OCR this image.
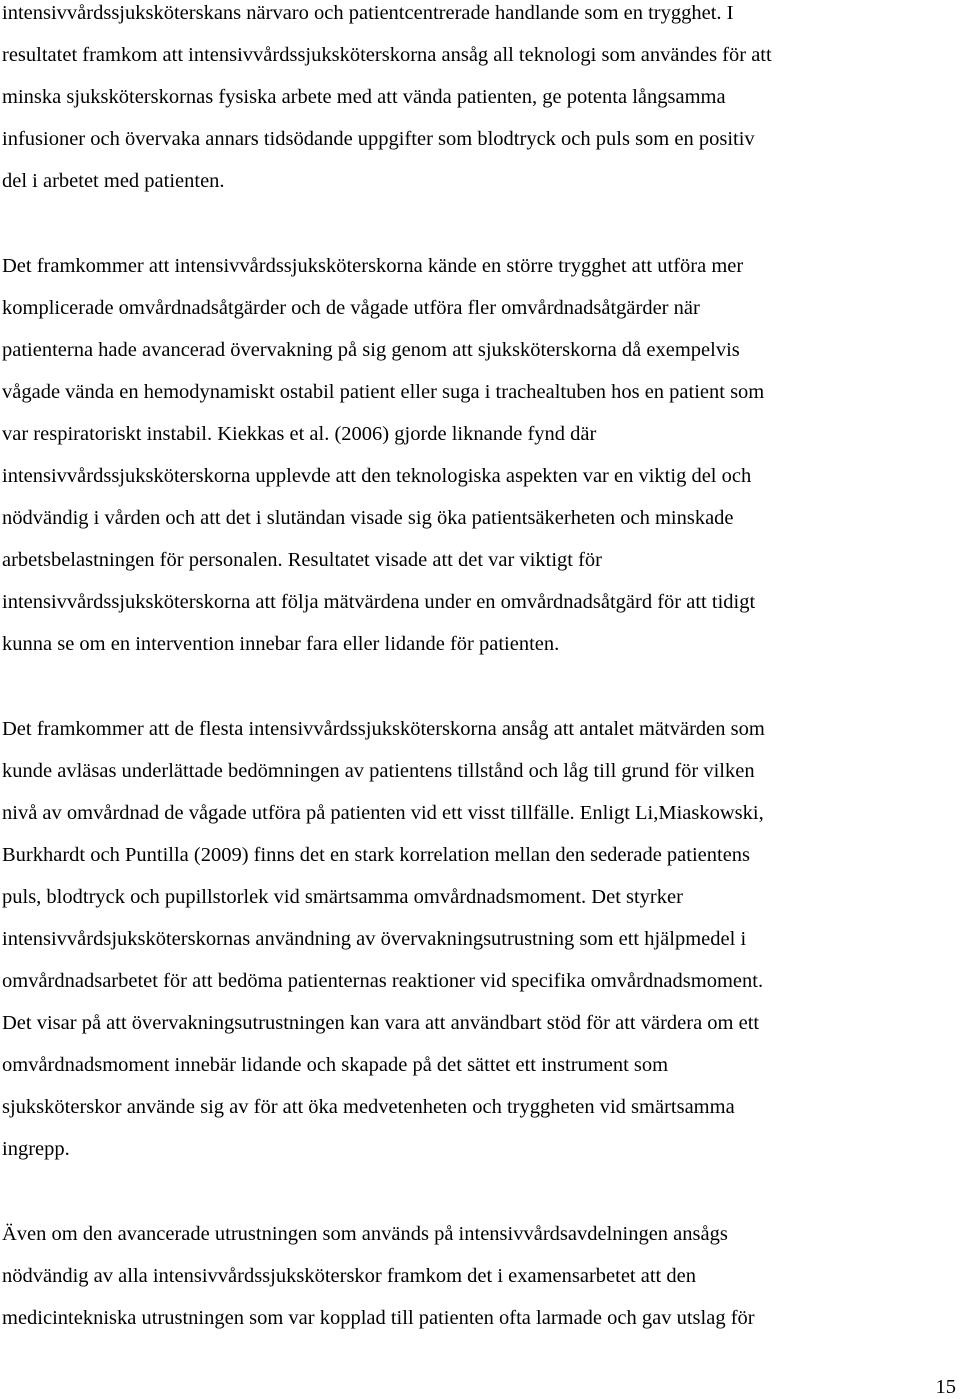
intensivvårdssjuksköterskans närvaro och patientcentrerade handlande som en trygghet. I

resultatet framkom att intensivvårdssjuksköterskorna ansåg all teknologi som användes för att

minska sjuksköterskornas fysiska arbete med att vända patienten, ge potenta långsamma

infusioner och övervaka annars tidsödande uppgifter som blodtryck och puls som en positiv

del i arbetet med patienten.

Det framkommer att intensivvårdssjuksköterskorna kände en större trygghet att utföra mer

komplicerade omvårdnadsåtgärder och de vågade utföra fler omvårdnadsåtgärder när

patienterna hade avancerad övervakning på sig genom att sjuksköterskorna då exempelvis

vågade vända en hemodynamiskt ostabil patient eller suga i trachealtuben hos en patient som

var respiratoriskt instabil. Kiekkas et al. (2006) gjorde liknande fynd där

intensivvårdssjuksköterskorna upplevde att den teknologiska aspekten var en viktig del och

nödvändig i vården och att det i slutändan visade sig öka patientsäkerheten och minskade

arbetsbelastningen för personalen. Resultatet visade att det var viktigt för

intensivvårdssjuksköterskorna att följa mätvärdena under en omvårdnadsåtgärd för att tidigt

kunna se om en intervention innebar fara eller lidande för patienten.

Det framkommer att de flesta intensivvårdssjuksköterskorna ansåg att antalet mätvärden som

kunde avläsas underlättade bedömningen av patientens tillstånd och låg till grund för vilken

nivå av omvårdnad de vågade utföra på patienten vid ett visst tillfälle. Enligt Li,Miaskowski,

Burkhardt och Puntilla (2009) finns det en stark korrelation mellan den sederade patientens

puls, blodtryck och pupillstorlek vid smärtsamma omvårdnadsmoment. Det styrker

intensivvårdsjuksköterskornas användning av övervakningsutrustning som ett hjälpmedel i

omvårdnadsarbetet för att bedöma patienternas reaktioner vid specifika omvårdnadsmoment.

Det visar på att övervakningsutrustningen kan vara att användbart stöd för att värdera om ett

omvårdnadsmoment innebär lidande och skapade på det sättet ett instrument som

sjuksköterskor använde sig av för att öka medvetenheten och tryggheten vid smärtsamma

ingrepp.

Även om den avancerade utrustningen som används på intensivvårdsavdelningen ansågs

nödvändig av alla intensivvårdssjuksköterskor framkom det i examensarbetet att den

medicintekniska utrustningen som var kopplad till patienten ofta larmade och gav utslag för

15
